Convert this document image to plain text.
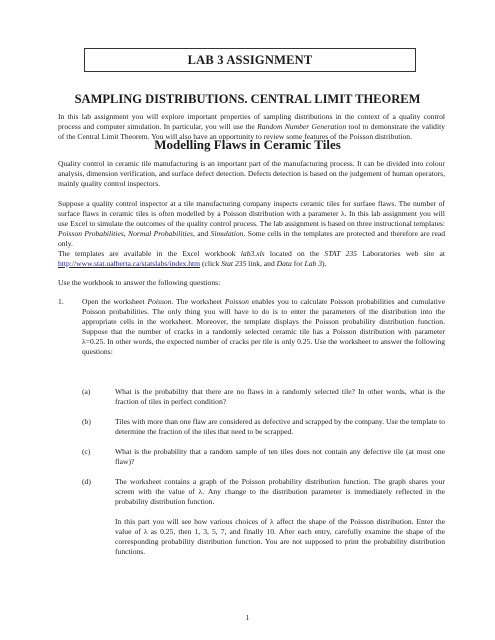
LAB 3 ASSIGNMENT
SAMPLING DISTRIBUTIONS. CENTRAL LIMIT THEOREM

In this lab assignment you will explore important properties of sampling distributions in the context of a quality control process and computer simulation. In particular, you will use the Random Number Generation tool to demonstrate the validity of the Central Limit Theorem. You will also have an opportunity to review some features of the Poisson distribution.

Modelling Flaws in Ceramic Tiles

Quality control in ceramic tile manufacturing is an important part of the manufacturing process. It can be divided into colour analysis, dimension verification, and surface defect detection. Defects detection is based on the judgement of human operators, mainly quality control inspectors.

Suppose a quality control inspector at a tile manufacturing company inspects ceramic tiles for surfaee flaws. The number of surface flaws in ceramic tiles is often modelled by a Poisson distribution with a parameter λ. In this lab assignment you will use Excel to simulate the outcomes of the quality control process. The lab assignment is based on three instructional templates: Poisson Probabilities, Normal Probabilities, and Simulation. Some cells in the templates are protected and therefore are read only.

The templates are available in the Excel workbook lab3.xls located on the STAT 235 Laboratories web site at http://www.stat.ualberta.ca/statslabs/index.htm (click Stat 235 link, and Data for Lab 3).

Use the workbook to answer the following questions:

1. Open the worksheet Poisson. The worksheet Poisson enables you to calculate Poisson probabilities and cumulative Poisson probabilities. The only thing you will have to do is to enter the parameters of the distribution into the appropriate cells in the worksheet. Moreover, the template displays the Poisson probability distribution function. Suppose that the number of cracks in a randomly selected ceramic tile has a Poisson distribution with parameter λ=0.25. In other words, the expected number of cracks per tile is only 0.25. Use the worksheet to answer the following questions:

(a)	What is the probability that there are no flaws in a randomly selected tile? In other words, what is the fraction of tiles in perfect condition?

(b)	Tiles with more than one flaw are considered as defective and scrapped by the company. Use the template to determine the fraction of the tiles that need to be scrapped.

(c)	What is the probability that a random sample of ten tiles does not contain any defective tile (at most one flaw)?

(d)	The worksheet contains a graph of the Poisson probability distribution function. The graph shares your screen with the value of λ. Any change to the distribution parameter is immediately reflected in the probability distribution function.

In this part you will see how various choices of λ affect the shape of the Poisson distribution. Enter the value of λ as 0.25, then 1, 3, 5, 7, and finally 10. After each entry, carefully examine the shape of the corresponding probability distribution function. You are not supposed to print the probability distribution functions.

1
